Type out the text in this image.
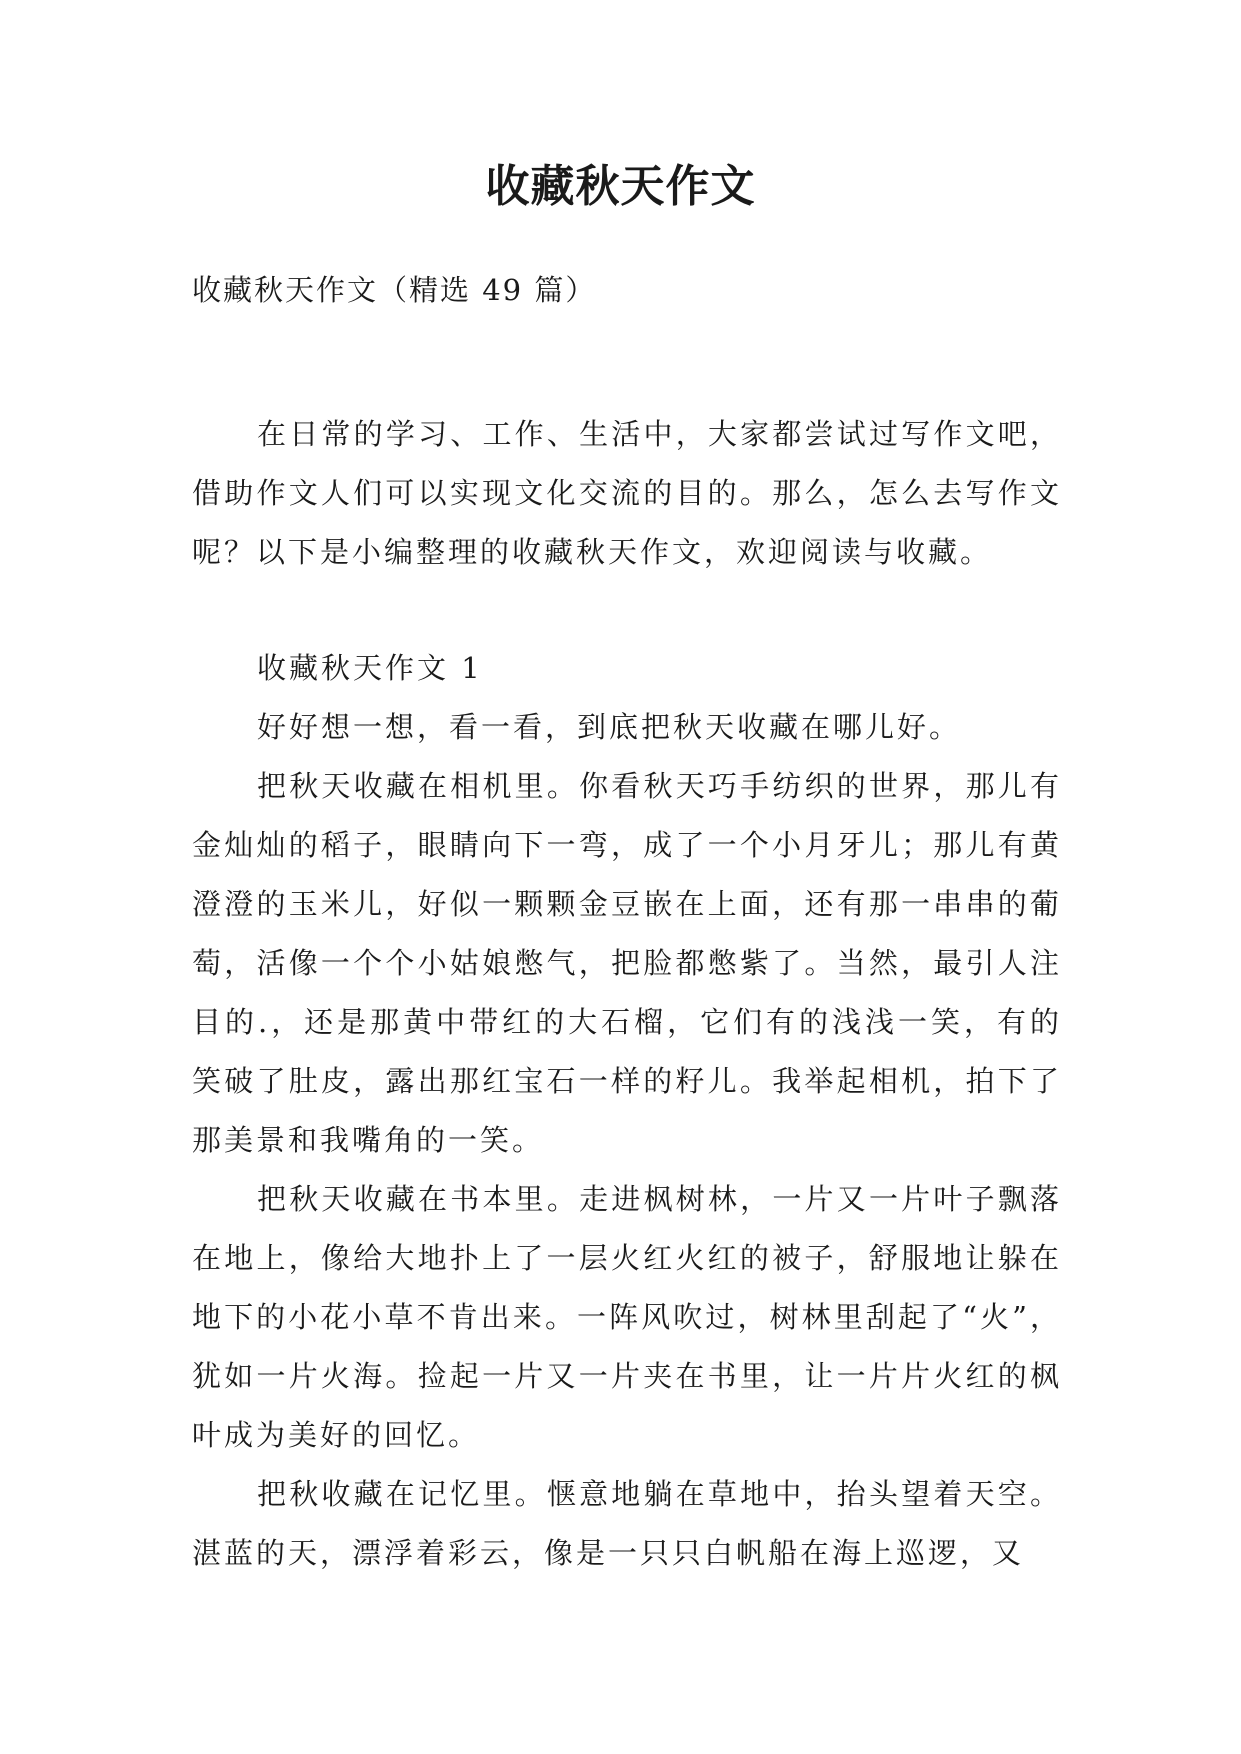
收藏秋天作文
收藏秋天作文（精选 49 篇）

在日常的学习、工作、生活中，大家都尝试过写作文吧，借助作文人们可以实现文化交流的目的。那么，怎么去写作文呢？以下是小编整理的收藏秋天作文，欢迎阅读与收藏。

收藏秋天作文 1

好好想一想，看一看，到底把秋天收藏在哪儿好。

把秋天收藏在相机里。你看秋天巧手纺织的世界，那儿有金灿灿的稻子，眼睛向下一弯，成了一个小月牙儿；那儿有黄澄澄的玉米儿，好似一颗颗金豆嵌在上面，还有那一串串的葡萄，活像一个个小姑娘憋气，把脸都憋紫了。当然，最引人注目的.，还是那黄中带红的大石榴，它们有的浅浅一笑，有的笑破了肚皮，露出那红宝石一样的籽儿。我举起相机，拍下了那美景和我嘴角的一笑。

把秋天收藏在书本里。走进枫树林，一片又一片叶子飘落在地上，像给大地扑上了一层火红火红的被子，舒服地让躲在地下的小花小草不肯出来。一阵风吹过，树林里刮起了“火”，犹如一片火海。捡起一片又一片夹在书里，让一片片火红的枫叶成为美好的回忆。

把秋收藏在记忆里。惬意地躺在草地中，抬头望着天空。湛蓝的天，漂浮着彩云，像是一只只白帆船在海上巡逻，又
